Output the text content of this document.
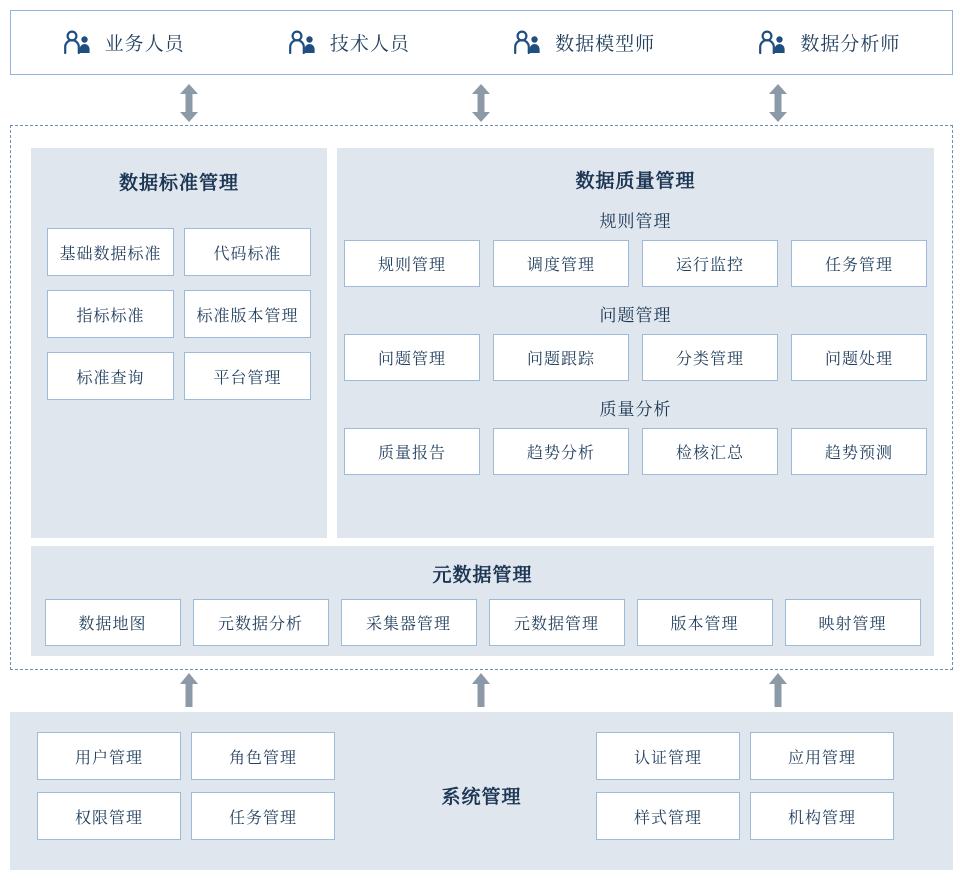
业务人员	技术人员	数据模型师	数据分析师
数据标准管理
基础数据标准	代码标准
指标标准	标准版本管理
标准查询	平台管理
数据质量管理
规则管理
规则管理	调度管理	运行监控	任务管理
问题管理
问题管理	问题跟踪	分类管理	问题处理
质量分析
质量报告	趋势分析	检核汇总	趋势预测
元数据管理
数据地图	元数据分析	采集器管理	元数据管理	版本管理	映射管理
系统管理
用户管理	角色管理
权限管理	任务管理
认证管理	应用管理
样式管理	机构管理
